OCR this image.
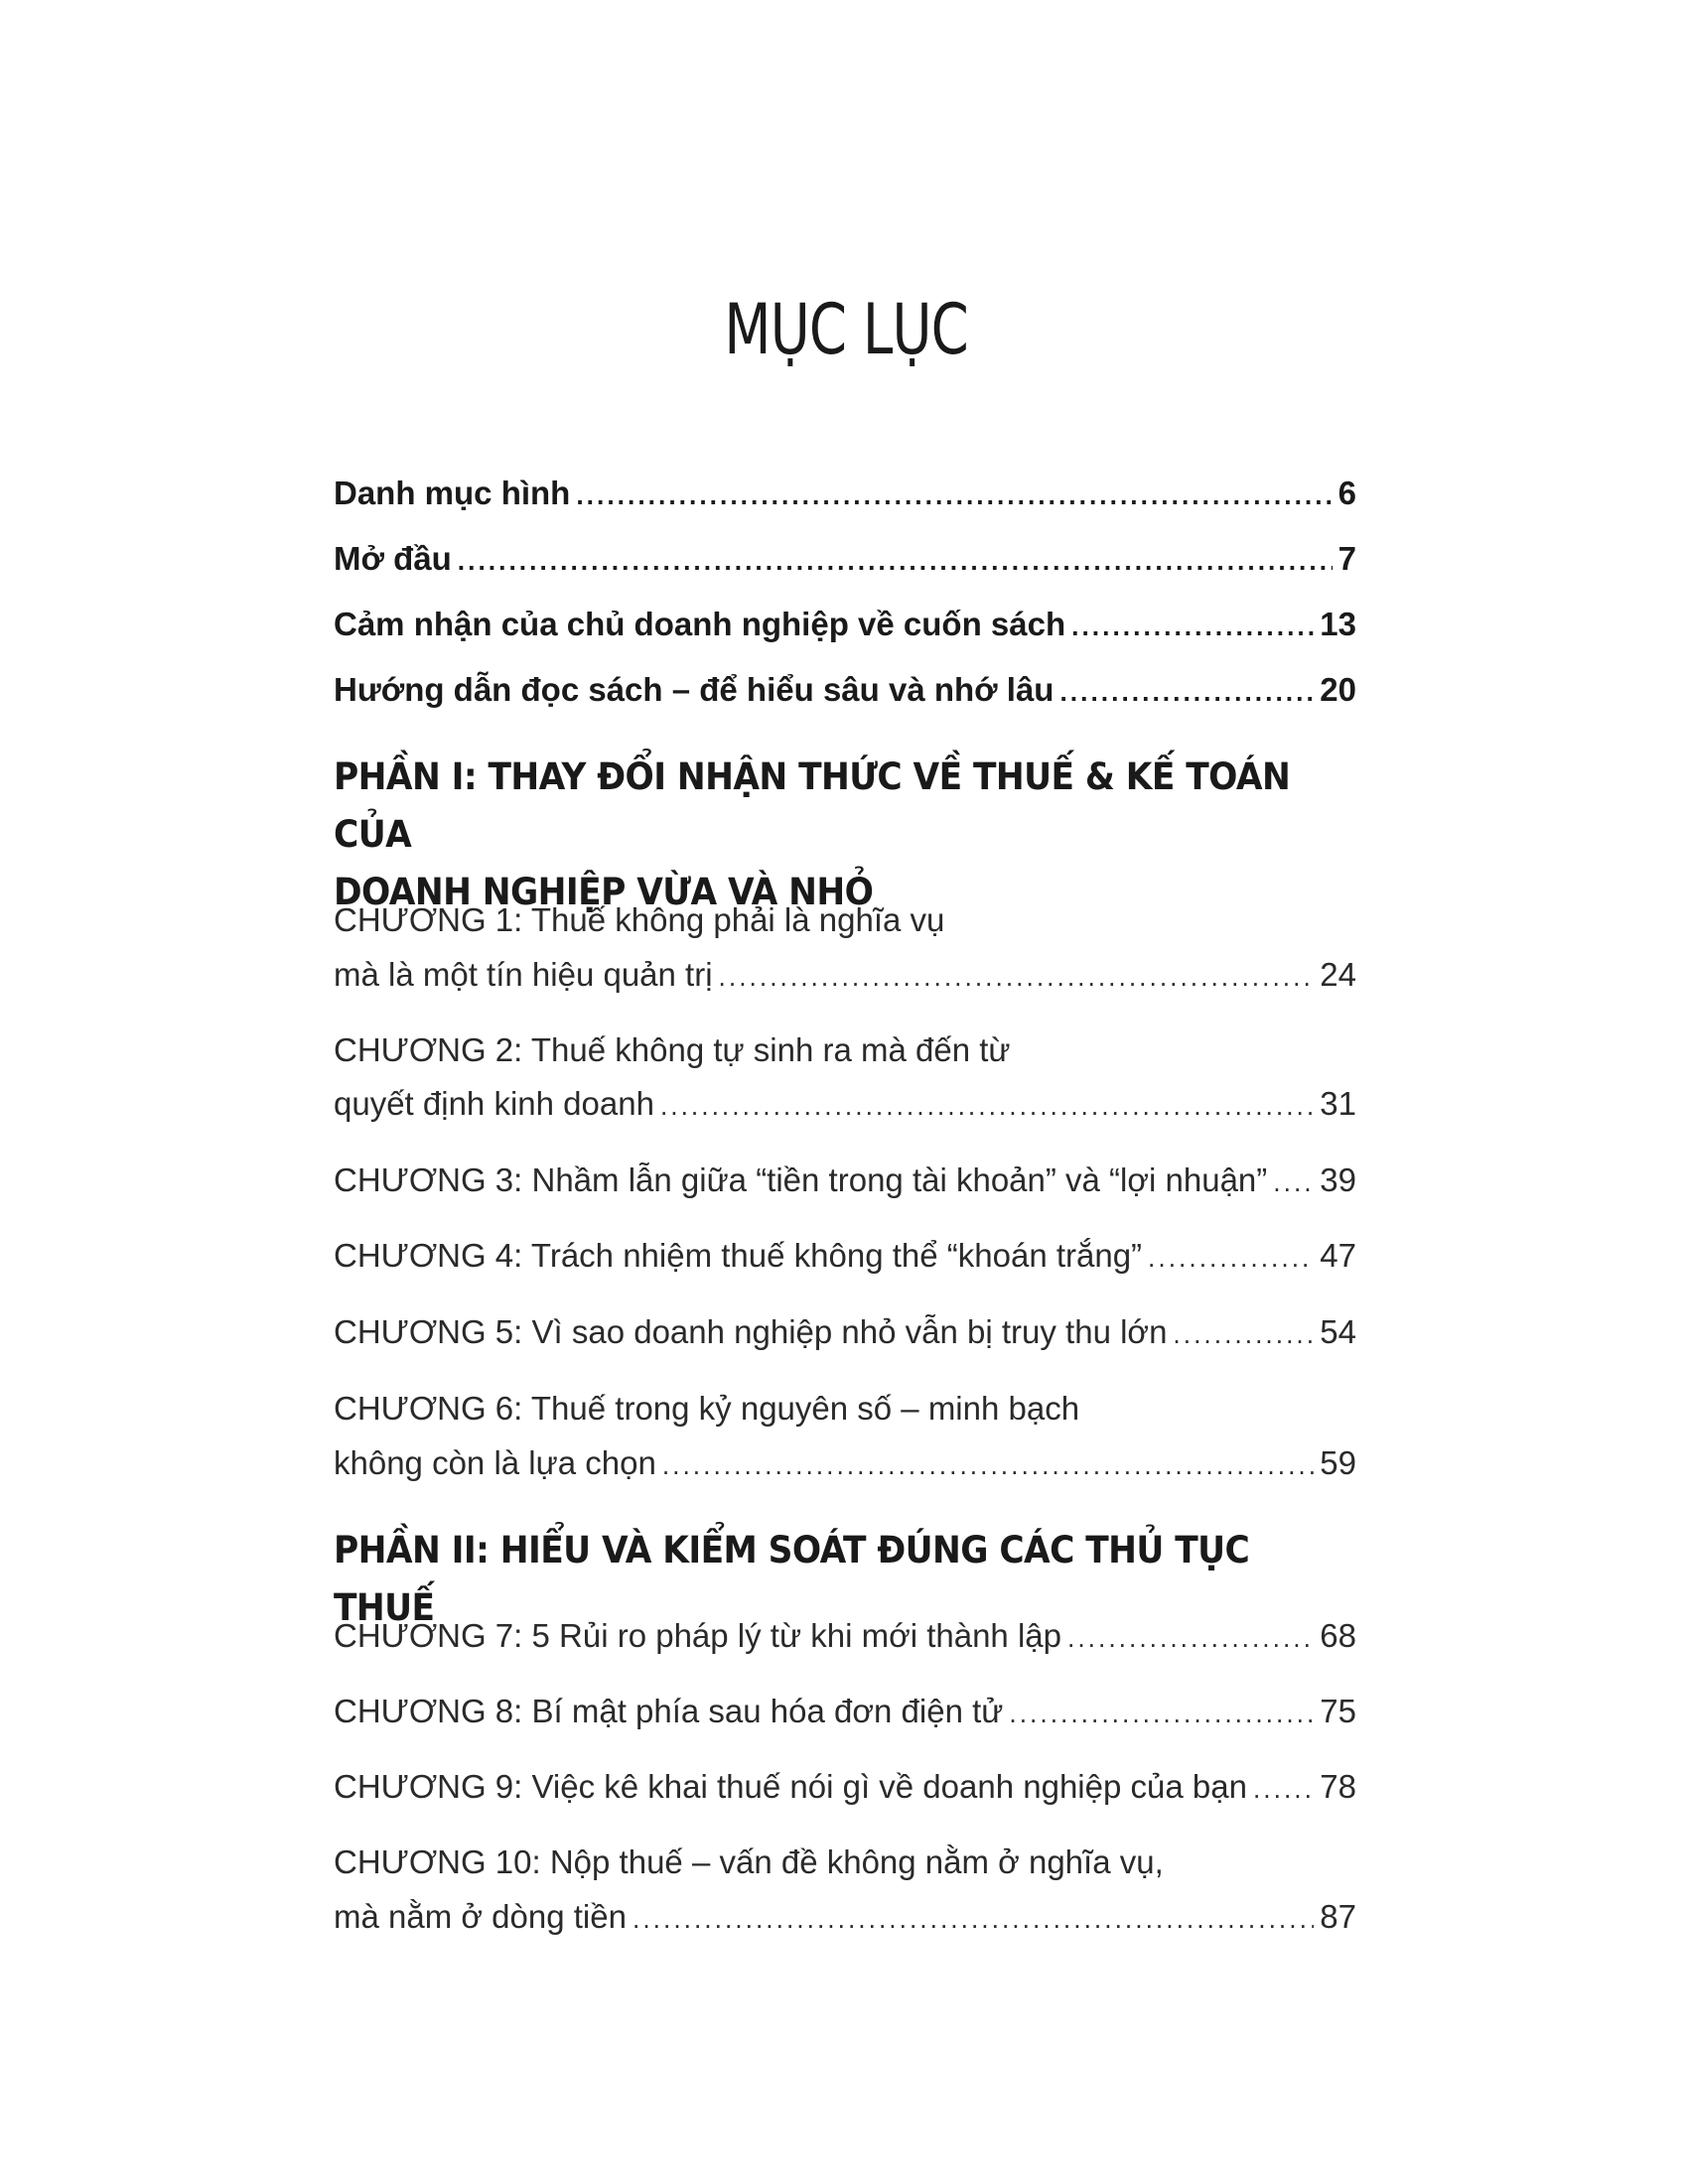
MỤC LỤC
Danh mục hình .....	6
Mở đầu .....	7
Cảm nhận của chủ doanh nghiệp về cuốn sách .....	13
Hướng dẫn đọc sách – để hiểu sâu và nhớ lâu .....	20
PHẦN I: THAY ĐỔI NHẬN THỨC VỀ THUẾ & KẾ TOÁN CỦA
DOANH NGHIỆP VỪA VÀ NHỎ
CHƯƠNG 1: Thuế không phải là nghĩa vụ
mà là một tín hiệu quản trị .....	24
CHƯƠNG 2: Thuế không tự sinh ra mà đến từ
quyết định kinh doanh .....	31
CHƯƠNG 3: Nhầm lẫn giữa “tiền trong tài khoản” và “lợi nhuận” ..... 39
CHƯƠNG 4: Trách nhiệm thuế không thể “khoán trắng” .....	47
CHƯƠNG 5: Vì sao doanh nghiệp nhỏ vẫn bị truy thu lớn .....	54
CHƯƠNG 6: Thuế trong kỷ nguyên số – minh bạch
không còn là lựa chọn .....	59
PHẦN II: HIỂU VÀ KIỂM SOÁT ĐÚNG CÁC THỦ TỤC THUẾ
CHƯƠNG 7: 5 Rủi ro pháp lý từ khi mới thành lập .....	68
CHƯƠNG 8: Bí mật phía sau hóa đơn điện tử .....	75
CHƯƠNG 9: Việc kê khai thuế nói gì về doanh nghiệp của bạn ..... 78
CHƯƠNG 10: Nộp thuế – vấn đề không nằm ở nghĩa vụ,
mà nằm ở dòng tiền .....	87
